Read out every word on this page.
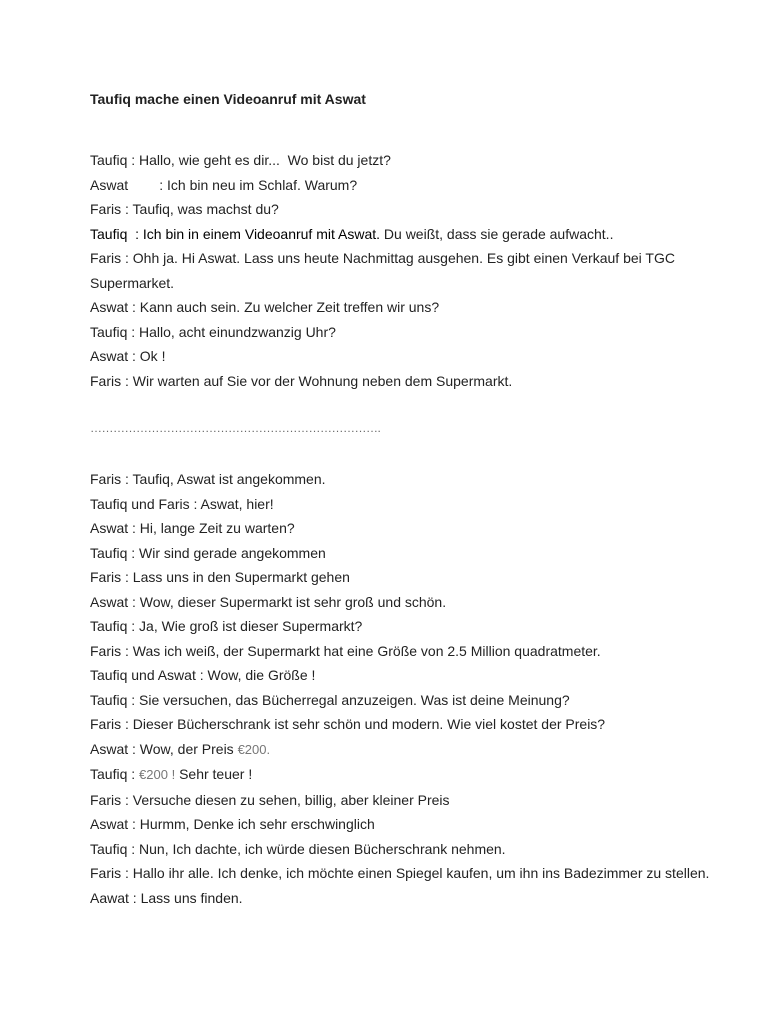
Taufiq mache einen Videoanruf mit Aswat
Taufiq : Hallo, wie geht es dir...  Wo bist du jetzt?
Aswat        : Ich bin neu im Schlaf. Warum?
Faris : Taufiq, was machst du?
Taufiq  : Ich bin in einem Videoanruf mit Aswat. Du weißt, dass sie gerade aufwacht..
Faris : Ohh ja. Hi Aswat. Lass uns heute Nachmittag ausgehen. Es gibt einen Verkauf bei TGC Supermarket.
Aswat : Kann auch sein. Zu welcher Zeit treffen wir uns?
Taufiq : Hallo, acht einundzwanzig Uhr?
Aswat : Ok !
Faris : Wir warten auf Sie vor der Wohnung neben dem Supermarkt.
………………………………………………………………….
Faris : Taufiq, Aswat ist angekommen.
Taufiq und Faris : Aswat, hier!
Aswat : Hi, lange Zeit zu warten?
Taufiq : Wir sind gerade angekommen
Faris : Lass uns in den Supermarkt gehen
Aswat : Wow, dieser Supermarkt ist sehr groß und schön.
Taufiq : Ja, Wie groß ist dieser Supermarkt?
Faris : Was ich weiß, der Supermarkt hat eine Größe von 2.5 Million quadratmeter.
Taufiq und Aswat : Wow, die Größe !
Taufiq : Sie versuchen, das Bücherregal anzuzeigen. Was ist deine Meinung?
Faris : Dieser Bücherschrank ist sehr schön und modern. Wie viel kostet der Preis?
Aswat : Wow, der Preis €200.
Taufiq : €200 ! Sehr teuer !
Faris : Versuche diesen zu sehen, billig, aber kleiner Preis
Aswat : Hurmm, Denke ich sehr erschwinglich
Taufiq : Nun, Ich dachte, ich würde diesen Bücherschrank nehmen.
Faris : Hallo ihr alle. Ich denke, ich möchte einen Spiegel kaufen, um ihn ins Badezimmer zu stellen.
Aawat : Lass uns finden.
